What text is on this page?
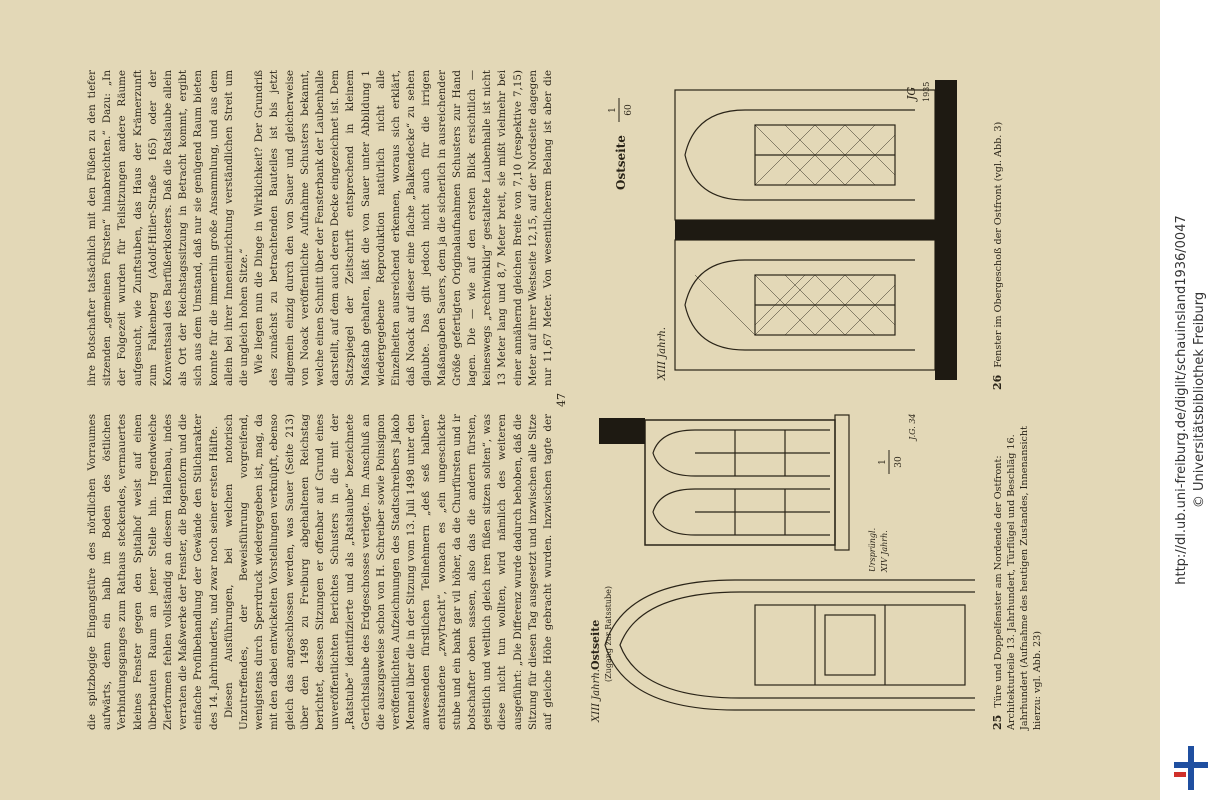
die spitzbogige Eingangstüre des nördlichen Vorraumes aufwärts, denn ein halb im Boden des östlichen Verbindungsganges zum Rathaus steckendes, vermauertes kleines Fenster gegen den Spitalhof weist auf einen überbauten Raum an jener Stelle hin. Irgendwelche Zierformen fehlen vollständig an diesem Hallenbau, indes verraten die Maßwerke der Fenster, die Bogenform und die einfache Profilbehandlung der Gewände den Stilcharakter des 14. Jahrhunderts, und zwar noch seiner ersten Hälfte. Diesen Ausführungen, bei welchen notorisch Unzutreffendes, der Beweisführung vorgreifend, wenigstens durch Sperrdruck wiedergegeben ist, mag, da mit den dabei entwickelten Vorstellungen verknüpft, ebenso gleich das angeschlossen werden, was Sauer (Seite 213) über den 1498 zu Freiburg abgehaltenen Reichstag berichtet, dessen Sitzungen er offenbar auf Grund eines unveröffentlichten Berichtes Schusters in die mit der „Ratstube“ identifizierte und als „Ratslaube“ bezeichnete Gerichtslaube des Erdgeschosses verlegte. Im Anschluß an die auszugsweise schon von H. Schreiber sowie Poinsignon veröffentlichten Aufzeichnungen des Stadtschreibers Jakob Mennel über die in der Sitzung vom 13. Juli 1498 unter den anwesenden fürstlichen Teilnehmern „deß seß halben“ entstandene „zwytracht“, wonach es „ein ungeschickte stube und ein bank gar vil höher, da die Churfürsten und ir botschafter oben sassen, also das die andern fürsten, geistlich und weltlich gleich iren füßen sitzen solten“, was diese nicht tun wollten, wird nämlich des weiteren ausgeführt: „Die Differenz wurde dadurch behoben, daß die Sitzung für diesen Tag ausgesetzt und inzwischen alle Sitze auf gleiche Höhe gebracht wurden. Inzwischen tagte der

ihre Botschafter tatsächlich mit den Füßen zu den tiefer sitzenden „gemeinen Fürsten“ hinabreichten.“ Dazu: „In der Folgezeit wurden für Teilsitzungen andere Räume aufgesucht, wie Zunftstuben, das Haus der Krämerzunft zum Falkenberg (Adolf-Hitler-Straße 165) oder der Konventsaal des Barfüßerklosters. Daß die Ratslaube allein als Ort der Reichstagssitzung in Betracht kommt, ergibt sich aus dem Umstand, daß nur sie genügend Raum bieten konnte für die immerhin große Ansammlung, und aus dem allein bei ihrer Inneneinrichtung verständlichen Streit um die ungleich hohen Sitze.“ Wie liegen nun die Dinge in Wirklichkeit? Der Grundriß des zunächst zu betrachtenden Bauteiles ist bis jetzt allgemein einzig durch den von Sauer und gleicherweise von Noack veröffentlichte Aufnahme Schusters bekannt, welche einen Schnitt über der Fensterbank der Laubenhalle darstellt, auf dem auch deren Decke eingezeichnet ist. Dem Satzspiegel der Zeitschrift entsprechend in kleinem Maßstab gehalten, läßt die von Sauer unter Abbildung 1 wiedergegebene Reproduktion natürlich nicht alle Einzelheiten ausreichend erkennen, woraus sich erklärt, daß Noack auf dieser eine flache „Balkendecke“ zu sehen glaubte. Das gilt jedoch nicht auch für die irrigen Maßangaben Sauers, dem ja die sicherlich in ausreichender Größe gefertigten Originalaufnahmen Schusters zur Hand lagen. Die — wie auf den ersten Blick ersichtlich — keineswegs „rechtwinklig“ gestaltete Laubenhalle ist nicht 13 Meter lang und 8,7 Meter breit, sie mißt vielmehr bei einer annähernd gleichen Breite von 7,10 (respektive 7,15) Meter auf ihrer Westseite 12,15, auf der Nordseite dagegen nur 11,67 Meter. Von wesentlicherem Belang ist aber die

47
XIII Jahrh.
Ostseite (Zugang zur Ratsstube)
Ursprüngl. XIV Jahrh.
1 30
J.G. 34
25 Türe und Doppelfenster am Nordende der Ostfront: Architekturteile 13. Jahrhundert, Türflügel und Beschläg 16. Jahrhundert (Aufnahme des heutigen Zustandes, Innenansicht hierzu: vgl. Abb. 23)
XIII Jahrh.
Ostseite
1 60
JG 1935
26 Fenster im Obergeschoß der Ostfront (vgl. Abb. 3)	http://dl.ub.uni-freiburg.de/diglit/schauinsland1936/0047 © Universitätsbibliothek Freiburg
